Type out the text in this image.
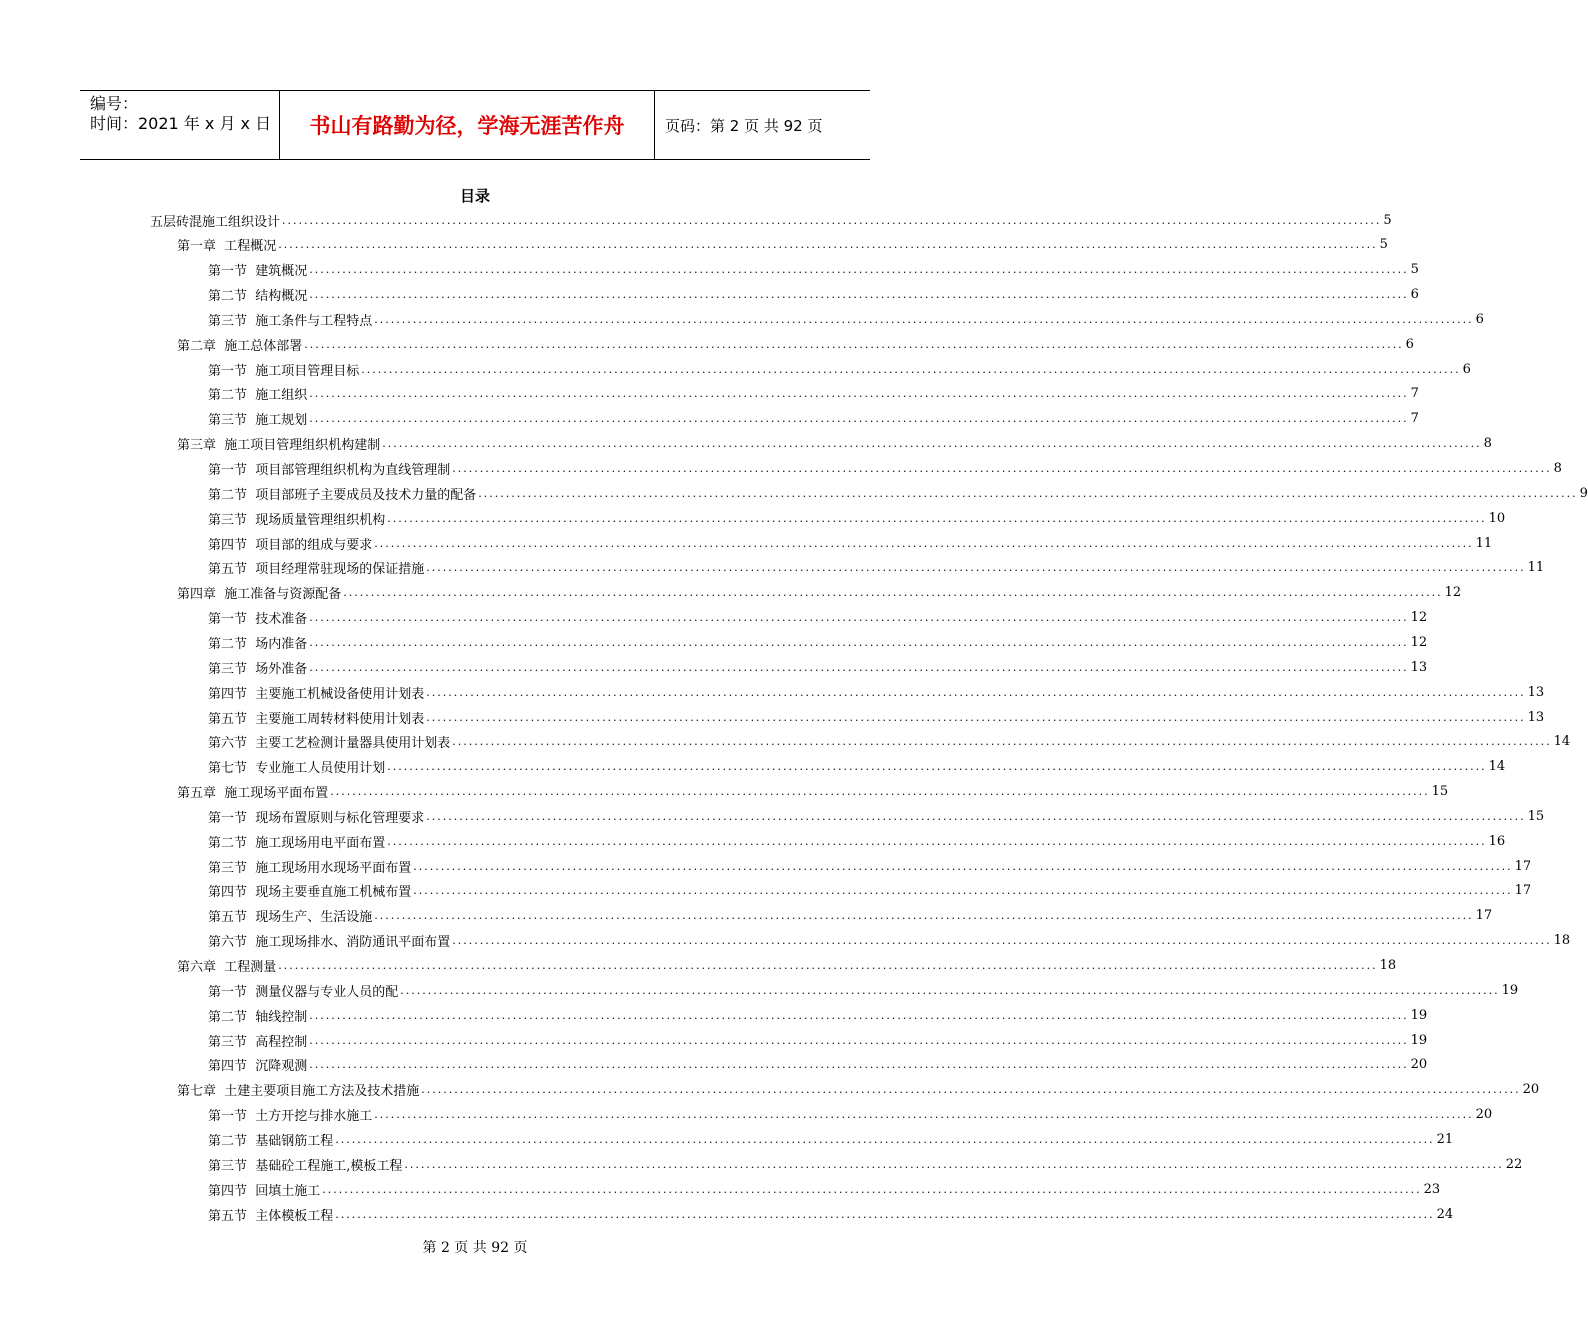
编号：
时间：2021 年 x 月 x 日	书山有路勤为径，学海无涯苦作舟	页码：第 2 页 共 92 页
目录
五层砖混施工组织设计 ........................................................................................................................................................................................................ 5
第一章  工程概况 ........................................................................................................................................................................................................ 5
第一节  建筑概况 ........................................................................................................................................................................................................ 5
第二节  结构概况 ........................................................................................................................................................................................................ 6
第三节  施工条件与工程特点 ........................................................................................................................................................................................................ 6
第二章  施工总体部署 ........................................................................................................................................................................................................ 6
第一节  施工项目管理目标 ........................................................................................................................................................................................................ 6
第二节  施工组织 ........................................................................................................................................................................................................ 7
第三节  施工规划 ........................................................................................................................................................................................................ 7
第三章  施工项目管理组织机构建制 ........................................................................................................................................................................................................ 8
第一节  项目部管理组织机构为直线管理制 ........................................................................................................................................................................................................ 8
第二节  项目部班子主要成员及技术力量的配备 ........................................................................................................................................................................................................ 9
第三节  现场质量管理组织机构 ........................................................................................................................................................................................................ 10
第四节  项目部的组成与要求 ........................................................................................................................................................................................................ 11
第五节  项目经理常驻现场的保证措施 ........................................................................................................................................................................................................ 11
第四章  施工准备与资源配备 ........................................................................................................................................................................................................ 12
第一节  技术准备 ........................................................................................................................................................................................................ 12
第二节  场内准备 ........................................................................................................................................................................................................ 12
第三节  场外准备 ........................................................................................................................................................................................................ 13
第四节  主要施工机械设备使用计划表 ........................................................................................................................................................................................................ 13
第五节  主要施工周转材料使用计划表 ........................................................................................................................................................................................................ 13
第六节  主要工艺检测计量器具使用计划表 ........................................................................................................................................................................................................ 14
第七节  专业施工人员使用计划 ........................................................................................................................................................................................................ 14
第五章  施工现场平面布置 ........................................................................................................................................................................................................ 15
第一节  现场布置原则与标化管理要求 ........................................................................................................................................................................................................ 15
第二节  施工现场用电平面布置 ........................................................................................................................................................................................................ 16
第三节  施工现场用水现场平面布置 ........................................................................................................................................................................................................ 17
第四节  现场主要垂直施工机械布置 ........................................................................................................................................................................................................ 17
第五节  现场生产、生活设施 ........................................................................................................................................................................................................ 17
第六节  施工现场排水、消防通讯平面布置 ........................................................................................................................................................................................................ 18
第六章  工程测量 ........................................................................................................................................................................................................ 18
第一节  测量仪器与专业人员的配 ........................................................................................................................................................................................................ 19
第二节  轴线控制 ........................................................................................................................................................................................................ 19
第三节  高程控制 ........................................................................................................................................................................................................ 19
第四节  沉降观测 ........................................................................................................................................................................................................ 20
第七章  土建主要项目施工方法及技术措施 ........................................................................................................................................................................................................ 20
第一节  土方开挖与排水施工 ........................................................................................................................................................................................................ 20
第二节  基础钢筋工程 ........................................................................................................................................................................................................ 21
第三节  基础砼工程施工,模板工程 ........................................................................................................................................................................................................ 22
第四节  回填土施工 ........................................................................................................................................................................................................ 23
第五节  主体模板工程 ........................................................................................................................................................................................................ 24
第 2 页 共 92 页
